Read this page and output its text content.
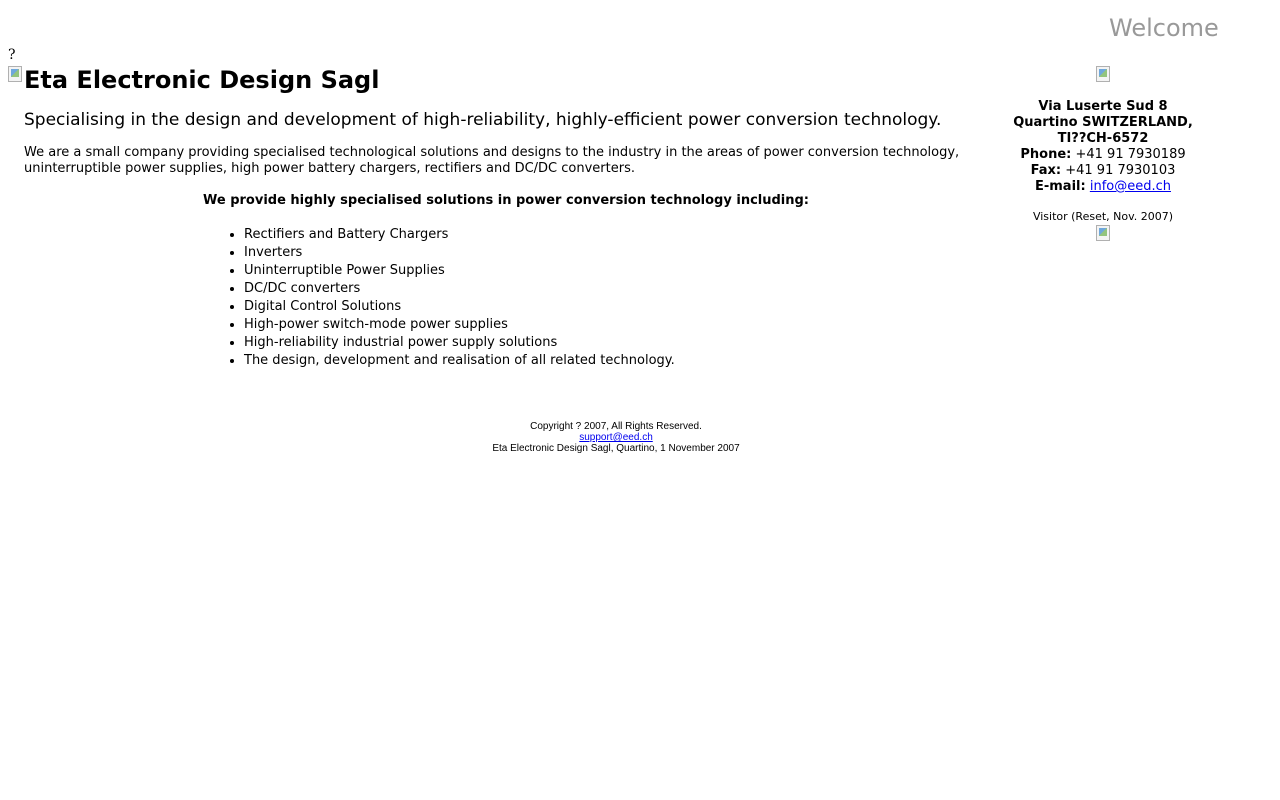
Welcome
?
Eta Electronic Design Sagl
Specialising in the design and development of high-reliability, highly-efficient power conversion technology.

We are a small company providing specialised technological solutions and designs to the industry in the areas of power conversion technology, uninterruptible power supplies, high power battery chargers, rectifiers and DC/DC converters.

We provide highly specialised solutions in power conversion technology including:
• Rectifiers and Battery Chargers
• Inverters
• Uninterruptible Power Supplies
• DC/DC converters
• Digital Control Solutions
• High-power switch-mode power supplies
• High-reliability industrial power supply solutions
• The design, development and realisation of all related technology.
Copyright ? 2007, All Rights Reserved.
support@eed.ch
Eta Electronic Design Sagl, Quartino, 1 November 2007
Via Luserte Sud 8
Quartino SWITZERLAND,
TI??CH-6572
Phone: +41 91 7930189
Fax: +41 91 7930103
E-mail: info@eed.ch
Visitor (Reset, Nov. 2007)
